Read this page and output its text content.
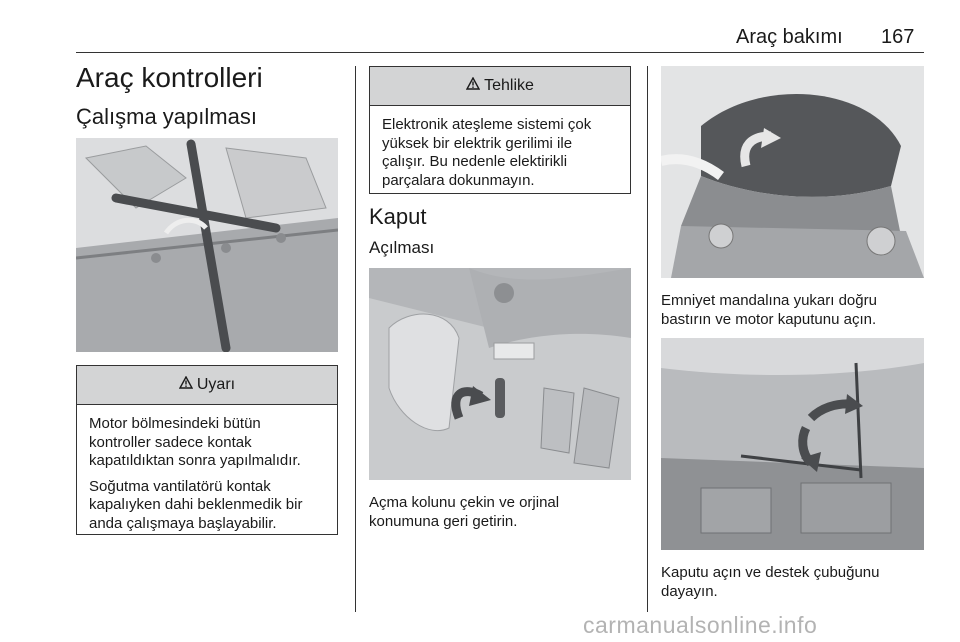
Araç bakımı 167
Araç kontrolleri
Çalışma yapılması
Uyarı

Motor bölmesindeki bütün kontroller sadece kontak kapatıldıktan sonra yapılmalıdır.

Soğutma vantilatörü kontak kapalıyken dahi beklenmedik bir anda çalışmaya başlayabilir.

Tehlike

Elektronik ateşleme sistemi çok yüksek bir elektrik gerilimi ile çalışır. Bu nedenle elektirikli parçalara dokunmayın.

Kaput
Açılması
Açma kolunu çekin ve orjinal konumuna geri getirin.
Emniyet mandalına yukarı doğru bastırın ve motor kaputunu açın.
Kaputu açın ve destek çubuğunu dayayın.
carmanualsonline.info
